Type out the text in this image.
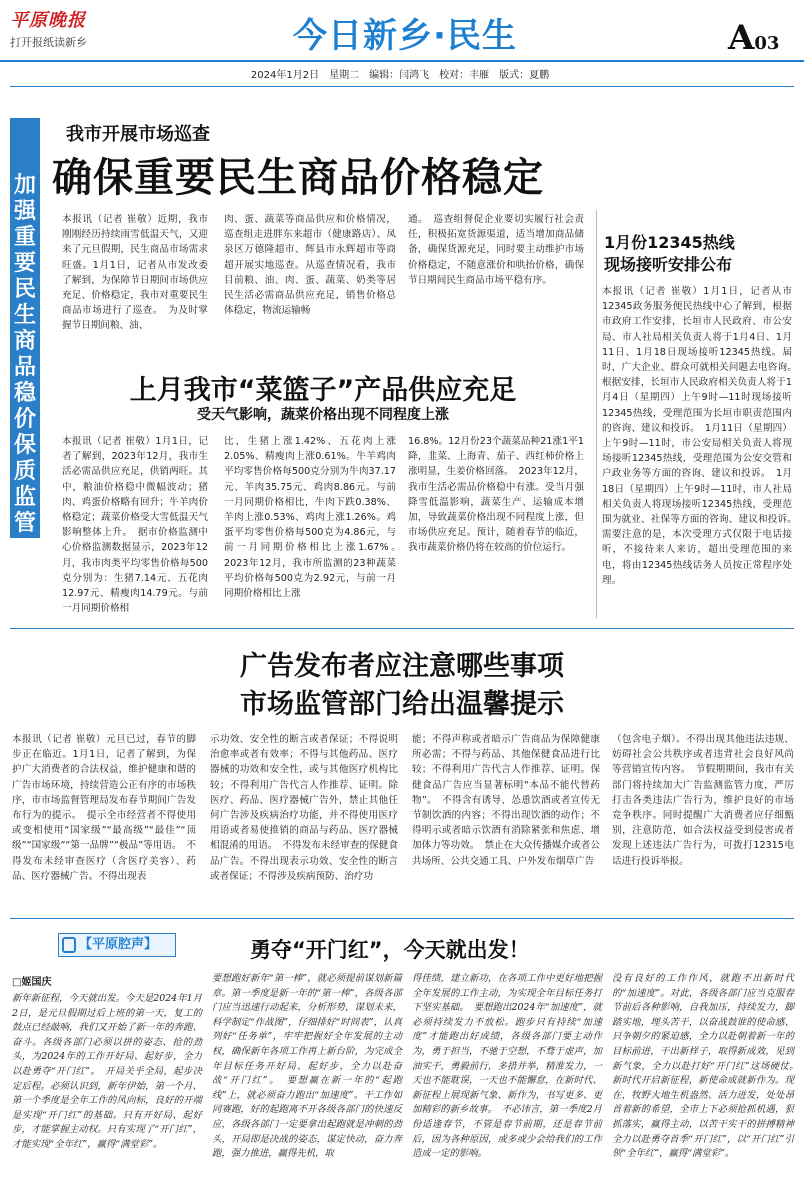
平原晚报
打开报纸读新乡	今日新乡·民生	A03
2024年1月2日　星期二　编辑：闫鸿飞　校对：丰雁　版式：夏鹏
加强重要民生商品稳价保质监管
我市开展市场巡查
确保重要民生商品价格稳定
本报讯（记者 崔敬）近期，我市刚刚经历持续雨雪低温天气，又迎来了元旦假期，民生商品市场需求旺盛。1月1日，记者从市发改委了解到，为保障节日期间市场供应充足、价格稳定，我市对重要民生商品市场进行了巡查。　为及时掌握节日期间粮、油、
肉、蛋、蔬菜等商品供应和价格情况，巡查组走进胖东来超市（健康路店）、凤泉区万德隆超市、辉县市永辉超市等商超开展实地巡查。从巡查情况看，我市目前粮、油、肉、蛋、蔬菜、奶类等居民生活必需商品供应充足，销售价格总体稳定，物流运输畅
通。　巡查组督促企业要切实履行社会责任，积极拓宽货源渠道，适当增加商品储备，确保货源充足，同时要主动维护市场价格稳定，不随意涨价和哄抬价格，确保节日期间民生商品市场平稳有序。
1月份12345热线
现场接听安排公布
本报讯（记者 崔敬）1月1日，记者从市12345政务服务便民热线中心了解到，根据市政府工作安排，长垣市人民政府、市公安局、市人社局相关负责人将于1月4日、1月11日、1月18日现场接听12345热线。届时，广大企业、群众可就相关问题去电咨询。　根据安排，长垣市人民政府相关负责人将于1月4日（星期四）上午9时—11时现场接听12345热线，受理范围为长垣市职责范围内的咨询、建议和投诉。　1月11日（星期四）上午9时—11时，市公安局相关负责人将现场接听12345热线，受理范围为公安交管和户政业务等方面的咨询、建议和投诉。　1月18日（星期四）上午9时—11时，市人社局相关负责人将现场接听12345热线，受理范围为就业、社保等方面的咨询、建议和投诉。　需要注意的是，本次受理方式仅限于电话接听，不接待来人来访，超出受理范围的来电，将由12345热线话务人员按正常程序处理。
上月我市“菜篮子”产品供应充足
受天气影响，蔬菜价格出现不同程度上涨
本报讯（记者 崔敬）1月1日，记者了解到，2023年12月，我市生活必需品供应充足，供销两旺。其中，粮油价格稳中微幅波动；猪肉、鸡蛋价格略有回升；牛羊肉价格稳定；蔬菜价格受大雪低温天气影响整体上升。　据市价格监测中心价格监测数据显示，2023年12月，我市肉类平均零售价格每500克分别为：生猪7.14元、五花肉12.97元、精瘦肉14.79元。与前一月同期价格相
比，生猪上涨1.42%、五花肉上涨2.05%、精瘦肉上涨0.61%。牛羊鸡肉平均零售价格每500克分别为牛肉37.17元、羊肉35.75元、鸡肉8.86元。与前一月同期价格相比，牛肉下跌0.38%、羊肉上涨0.53%、鸡肉上涨1.26%。鸡蛋平均零售价格每500克为4.86元，与前一月同期价格相比上涨1.67%。　2023年12月，我市所监测的23种蔬菜平均价格每500克为2.92元，与前一月同期价格相比上涨
16.8%。12月份23个蔬菜品种21涨1平1降，韭菜、上海青、茄子、西红柿价格上涨明显，生姜价格回落。　2023年12月，我市生活必需品价格稳中有涨。受当月强降雪低温影响，蔬菜生产、运输成本增加，导致蔬菜价格出现不同程度上涨，但市场供应充足。预计，随着春节的临近，我市蔬菜价格仍将在较高的价位运行。
广告发布者应注意哪些事项
市场监管部门给出温馨提示
本报讯（记者 崔敬）元旦已过，春节的脚步正在临近。1月1日，记者了解到，为保护广大消费者的合法权益，维护健康和谐的广告市场环境，持续营造公正有序的市场秩序，市市场监督管理局发布春节期间广告发布行为的提示。　提示全市经营者不得使用或变相使用“国家级”“最高级”“最佳”“顶级”“国家级”“第一品牌”“极品”等用语。　不得发布未经审查医疗（含医疗美容）、药品、医疗器械广告。不得出现表
示功效、安全性的断言或者保证；不得说明治愈率或者有效率；不得与其他药品、医疗器械的功效和安全性，或与其他医疗机构比较；不得利用广告代言人作推荐、证明。除医疗、药品、医疗器械广告外，禁止其他任何广告涉及疾病治疗功能，并不得使用医疗用语或者易使推销的商品与药品、医疗器械相混淆的用语。　不得发布未经审查的保健食品广告。不得出现表示功效、安全性的断言或者保证；不得涉及疾病预防、治疗功
能；不得声称或者暗示广告商品为保障健康所必需；不得与药品、其他保健食品进行比较；不得利用广告代言人作推荐、证明。保健食品广告应当显著标明“本品不能代替药物”。　不得含有诱导、怂恿饮酒或者宣传无节制饮酒的内容；不得出现饮酒的动作；不得明示或者暗示饮酒有消除紧张和焦虑、增加体力等功效。　禁止在大众传播媒介或者公共场所、公共交通工具、户外发布烟草广告
（包含电子烟）。不得出现其他违法违规、妨碍社会公共秩序或者违背社会良好风尚等营销宣传内容。　节假期期间，我市有关部门将持续加大广告监测监管力度，严厉打击各类违法广告行为，维护良好的市场竞争秩序。同时提醒广大消费者应仔细甄别，注意防范，如合法权益受到侵害或者发现上述违法广告行为，可拨打12315电话进行投诉举报。
【平原腔声】	勇夺“开门红”，今天就出发！
□姬国庆
新年新征程，今天就出发。今天是2024年1月2日，是元旦假期过后上班的第一天，复工的鼓点已经敲响，我们又开始了新一年的奔跑、奋斗。各级各部门必须以拼的姿态、抢的劲头，为2024年的工作开好局、起好步，全力以赴勇夺“开门红”。　开局关乎全局，起步决定后程。必须认识到，新年伊始，第一个月、第一个季度是全年工作的风向标，良好的开端是实现“开门红”的基础。只有开好局、起好步，才能掌握主动权。只有实现了“开门红”，才能实现“全年红”，赢得“满堂彩”。
要想跑好新年“第一棒”，就必须提前谋划新篇章。第一季度是新一年的“第一棒”，各级各部门应当迅速行动起来，分析形势，谋划未来，科学制定“作战图”，仔细排好“时间表”，认真列好“任务单”，牢牢把握好全年发展的主动权，确保新年各项工作再上新台阶，为完成全年目标任务开好局、起好步，全力以赴奋战“开门红”。　要想赢在新一年的“起跑线”上，就必须奋力跑出“加速度”。干工作如同赛跑，好的起跑离不开各级各部门的快速反应，各级各部门一定要拿出起跑就是冲刺的劲头，开局即是决战的姿态，谋定快动，奋力奔跑，强力推进，赢得先机，取
得佳绩，建立新功，在各项工作中更好地把握全年发展的工作主动，为实现全年目标任务打下坚实基础。　要想跑出2024年“加速度”，就必须持续发力不放松。跑步只有持续“加速度”才能跑出好成绩，各级各部门要主动作为，勇于担当，不驰于空想，不骛于虚声，加油实干，勇毅前行，多措并举，精准发力，一天也不能耽误，一天也不能懈怠，在新时代、新征程上展现新气象、新作为，书写更多、更加精彩的新乡故事。　不必讳言，第一季度2月份适逢春节，不管是春节前期，还是春节前后，因为各种原因，或多或少会给我们的工作造成一定的影响。
没有良好的工作作风，就跑不出新时代的“加速度”。对此，各级各部门应当克服春节前后各种影响，自我加压，持续发力，脚踏实地，埋头苦干，以奋战鼓谁的使命感、只争朝夕的紧迫感，全力以赴朝着新一年的目标前进，干出新样子，取得新成效，见到新气象，全力以赴打好“开门红”这场硬仗。　新时代开启新征程，新使命成就新作为。现在，牧野大地生机盎然、活力迸发，处处昂首着新的希望，全市上下必须抢抓机遇，狠抓落实，赢得主动，以苦干实干的拼搏精神全力以赴勇夺首季“开门红”，以“开门红”引领“全年红”，赢得“满堂彩”。
